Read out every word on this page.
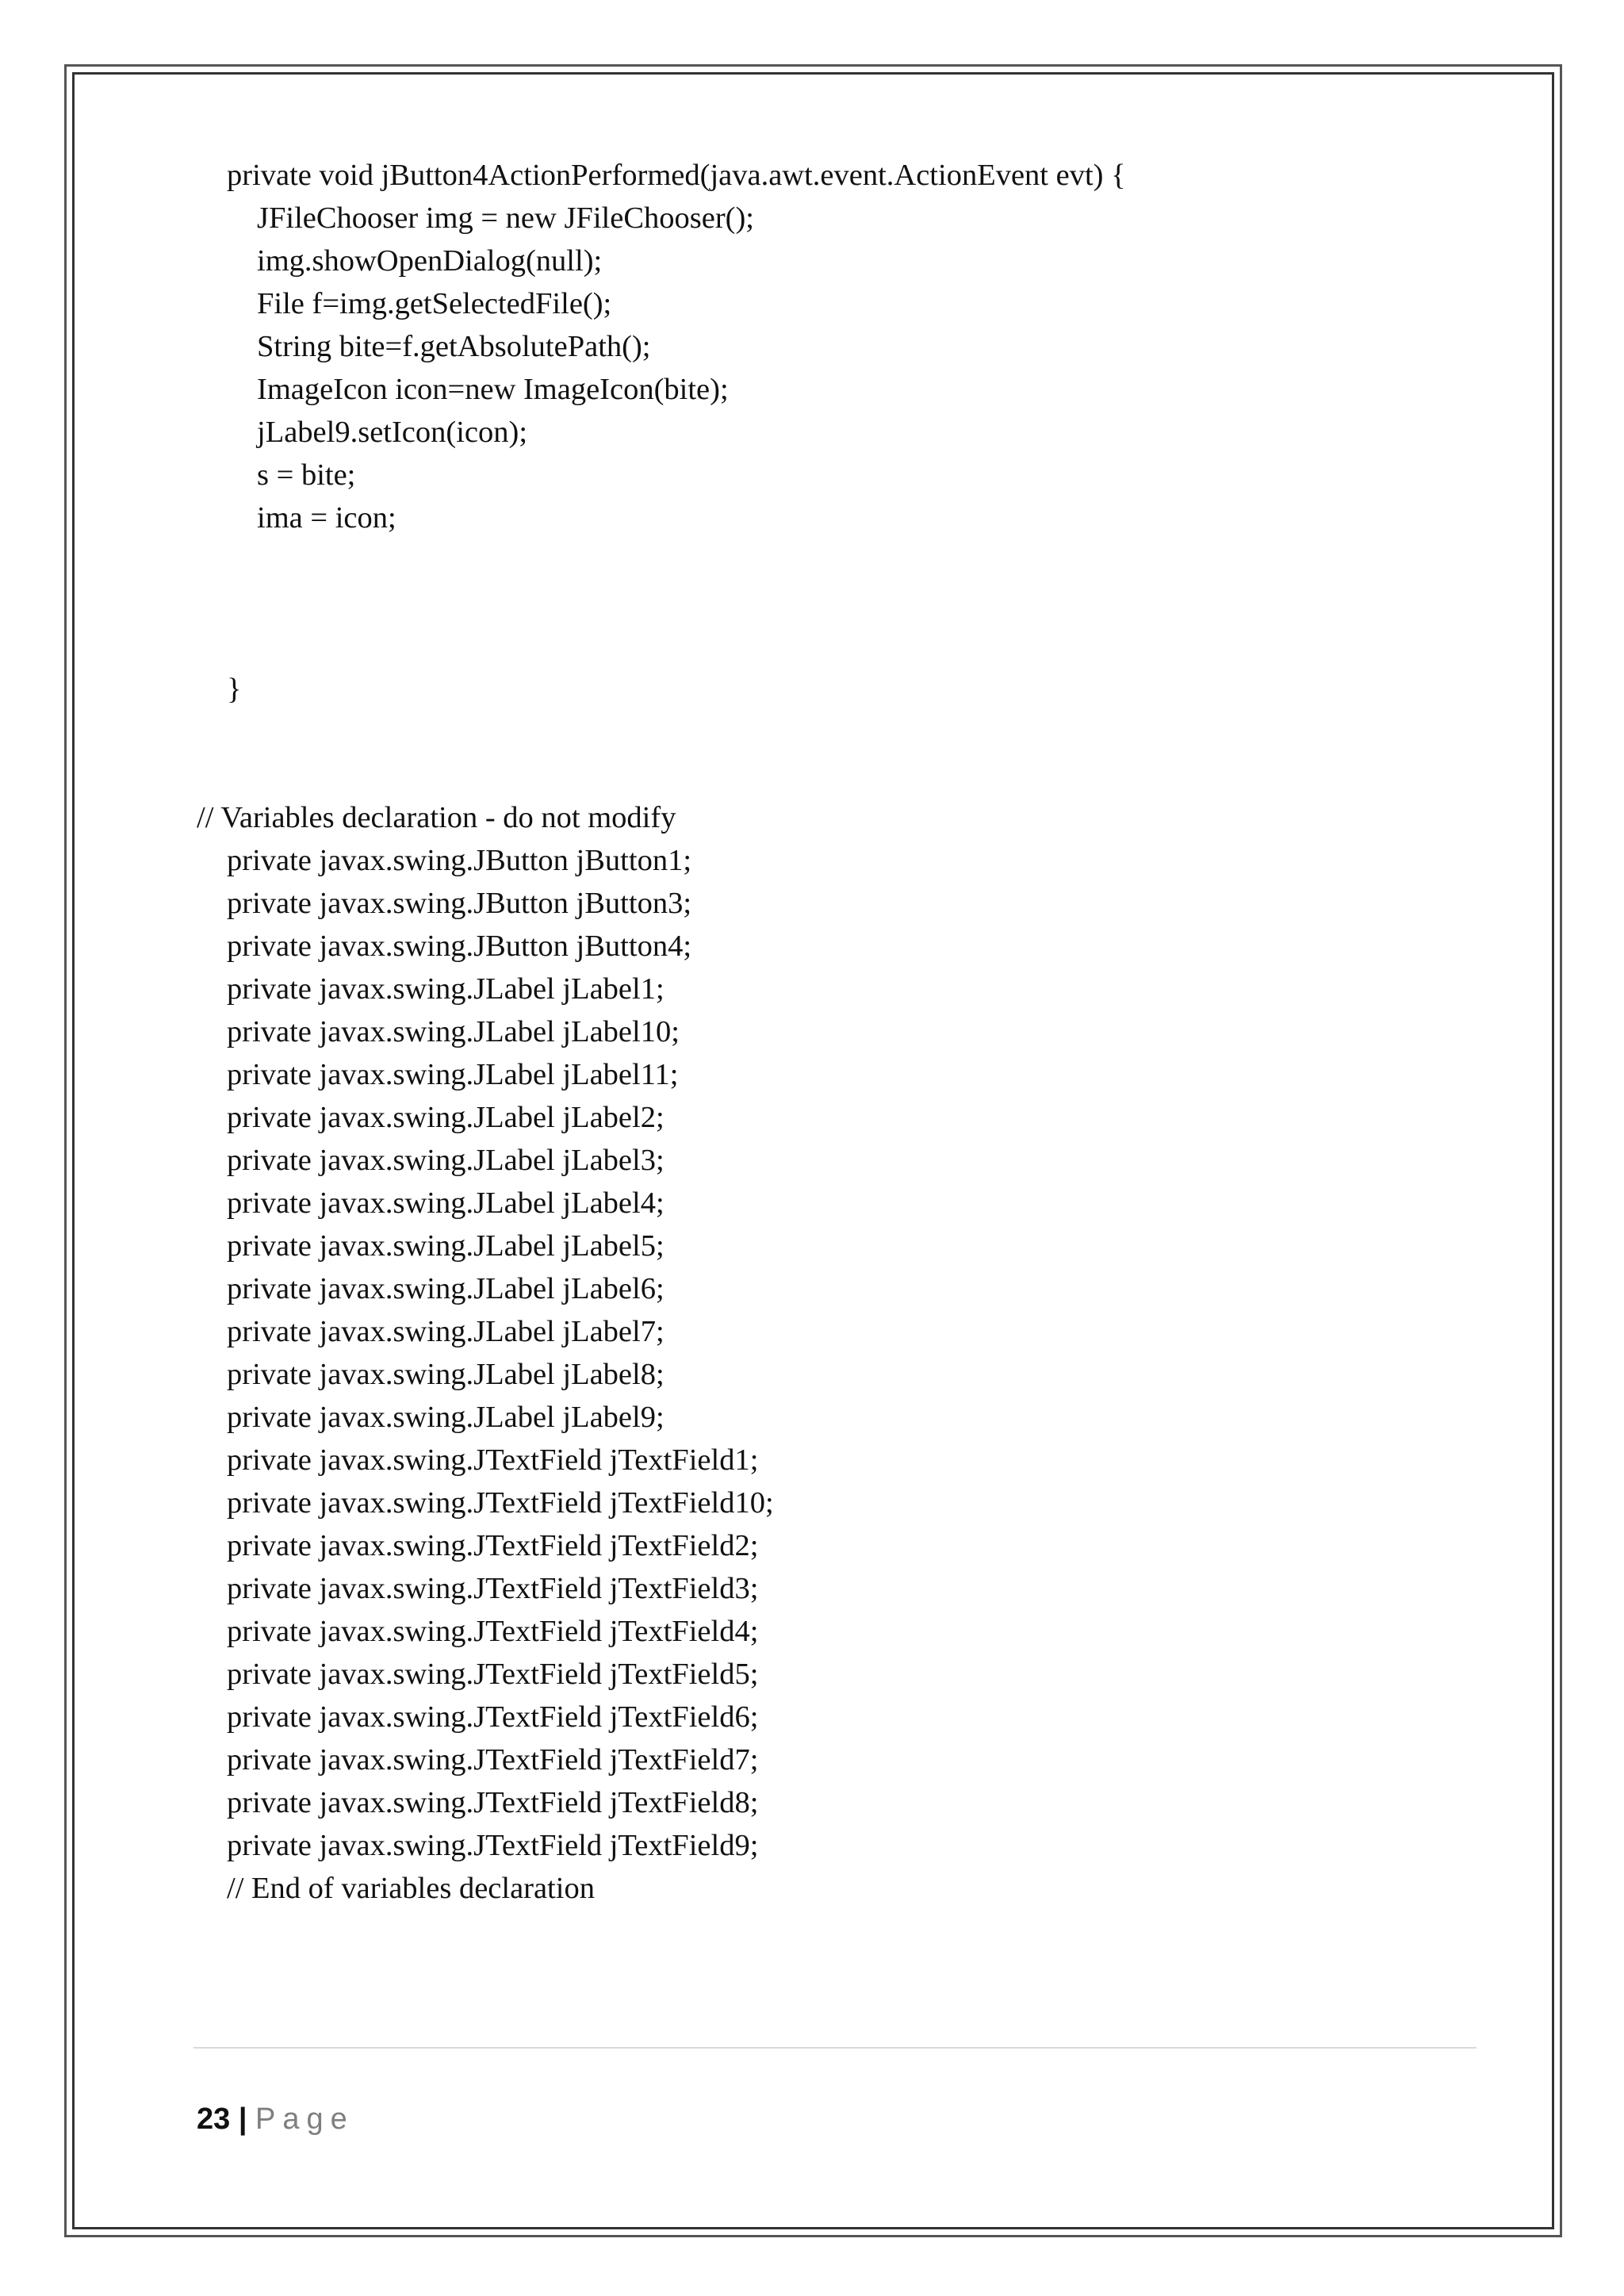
private void jButton4ActionPerformed(java.awt.event.ActionEvent evt) {

JFileChooser img = new JFileChooser();

img.showOpenDialog(null);

File f=img.getSelectedFile();

String bite=f.getAbsolutePath();

ImageIcon icon=new ImageIcon(bite);

jLabel9.setIcon(icon);

s = bite;

ima = icon;

}

// Variables declaration - do not modify

private javax.swing.JButton jButton1;

private javax.swing.JButton jButton3;

private javax.swing.JButton jButton4;

private javax.swing.JLabel jLabel1;

private javax.swing.JLabel jLabel10;

private javax.swing.JLabel jLabel11;

private javax.swing.JLabel jLabel2;

private javax.swing.JLabel jLabel3;

private javax.swing.JLabel jLabel4;

private javax.swing.JLabel jLabel5;

private javax.swing.JLabel jLabel6;

private javax.swing.JLabel jLabel7;

private javax.swing.JLabel jLabel8;

private javax.swing.JLabel jLabel9;

private javax.swing.JTextField jTextField1;

private javax.swing.JTextField jTextField10;

private javax.swing.JTextField jTextField2;

private javax.swing.JTextField jTextField3;

private javax.swing.JTextField jTextField4;

private javax.swing.JTextField jTextField5;

private javax.swing.JTextField jTextField6;

private javax.swing.JTextField jTextField7;

private javax.swing.JTextField jTextField8;

private javax.swing.JTextField jTextField9;

// End of variables declaration

23 | Page
